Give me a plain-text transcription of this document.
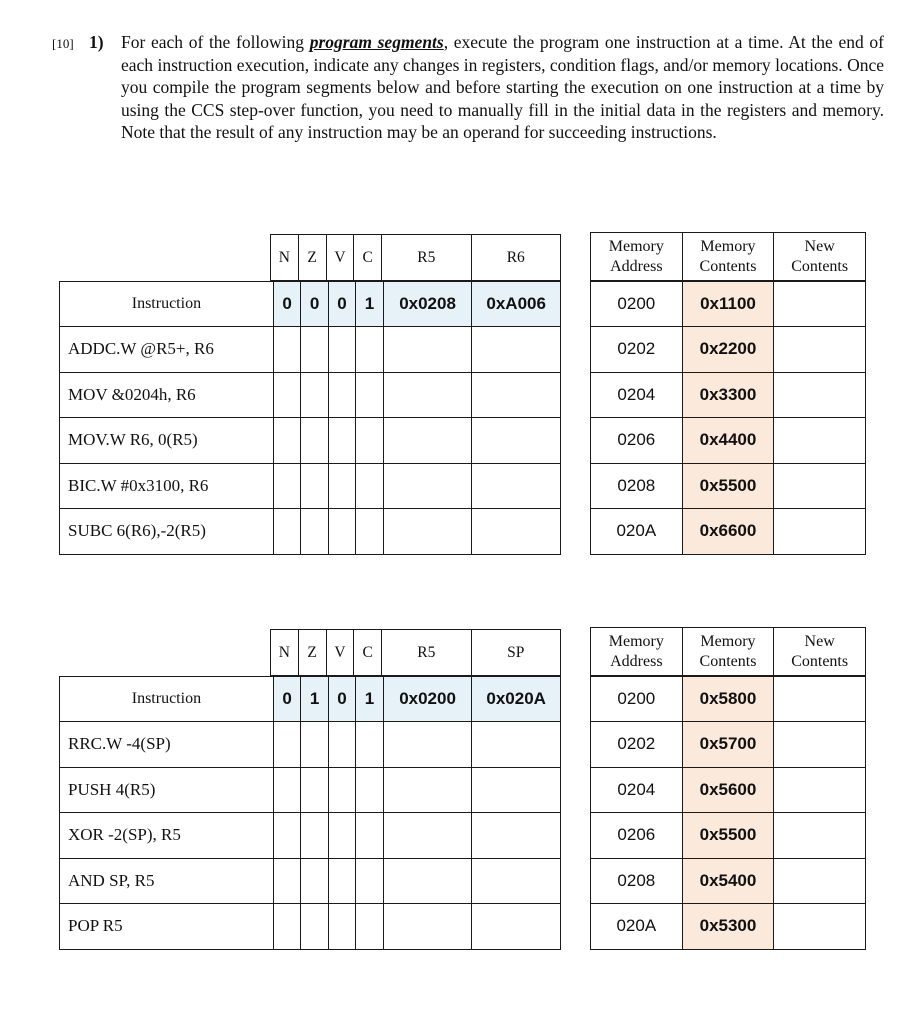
[10] 1) For each of the following program segments, execute the program one instruction at a time. At the end of each instruction execution, indicate any changes in registers, condition flags, and/or memory locations. Once you compile the program segments below and before starting the execution on one instruction at a time by using the CCS step-over function, you need to manually fill in the initial data in the registers and memory. Note that the result of any instruction may be an operand for succeeding instructions.
N	Z	V	C	R5	R6
Memory Address	Memory Contents	New Contents
Instruction	0	0	0	1	0x0208	0xA006
ADDC.W @R5+, R6						
MOV &0204h, R6						
MOV.W R6, 0(R5)						
BIC.W #0x3100, R6						
SUBC 6(R6),-2(R5)						
0200	0x1100	
0202	0x2200	
0204	0x3300	
0206	0x4400	
0208	0x5500	
020A	0x6600	
N	Z	V	C	R5	SP
Memory Address	Memory Contents	New Contents
Instruction	0	1	0	1	0x0200	0x020A
RRC.W -4(SP)						
PUSH 4(R5)						
XOR -2(SP), R5						
AND SP, R5						
POP R5						
0200	0x5800	
0202	0x5700	
0204	0x5600	
0206	0x5500	
0208	0x5400	
020A	0x5300	
